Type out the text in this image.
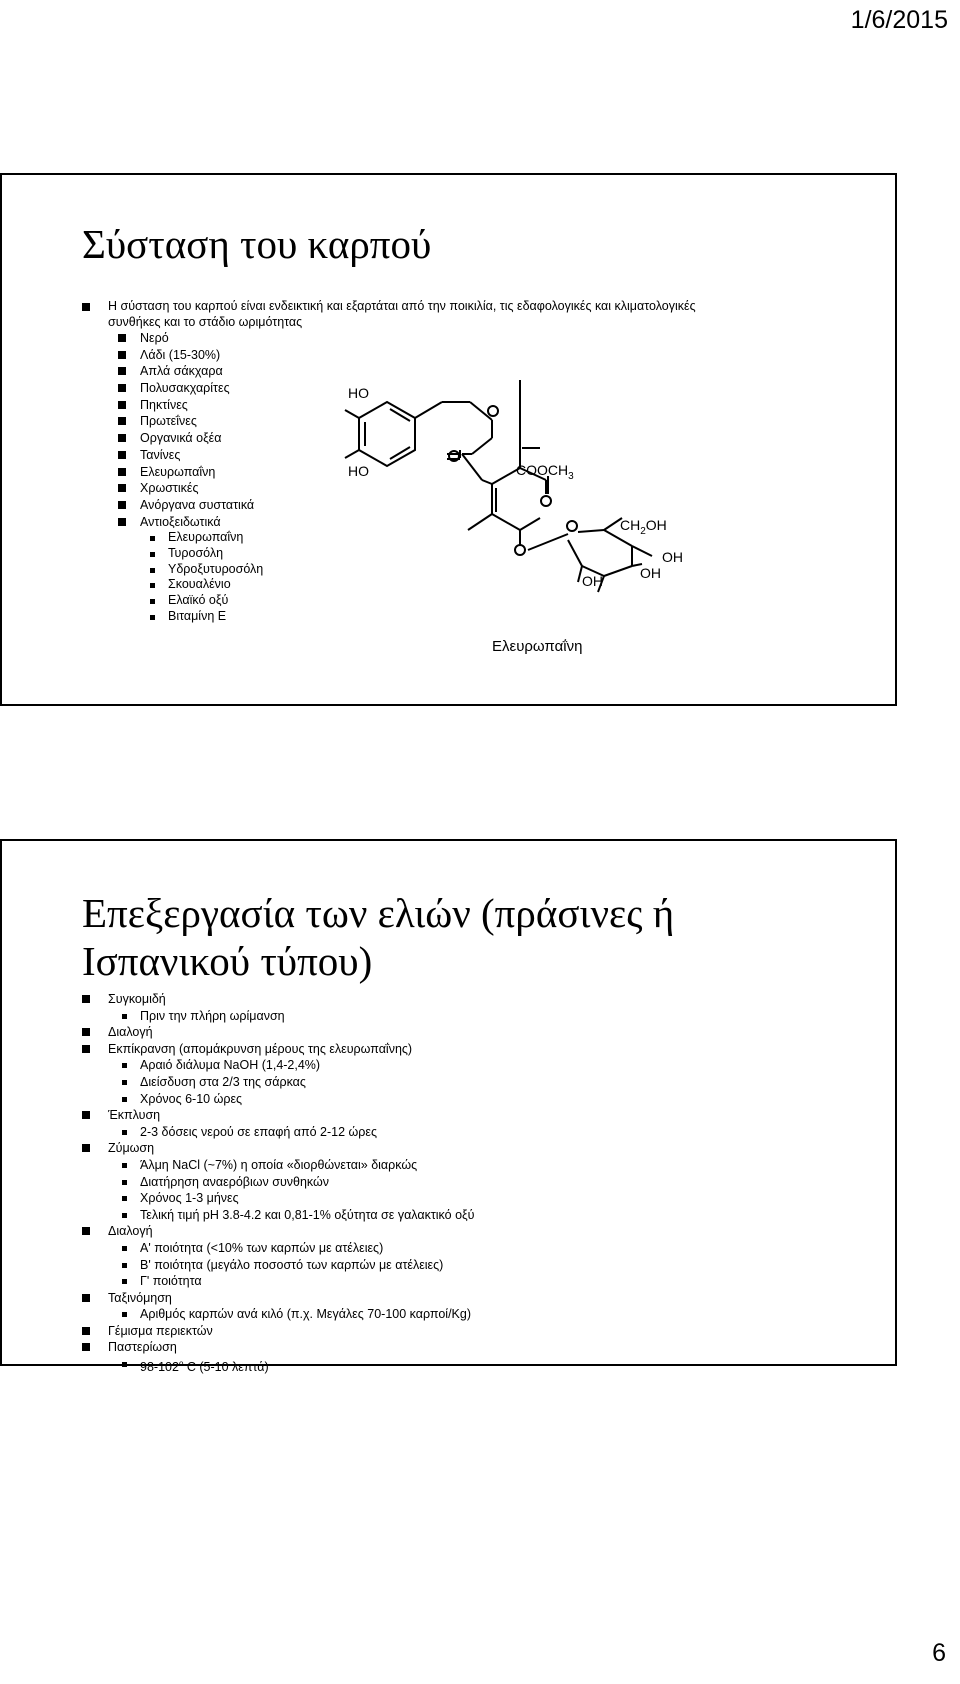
1/6/2015
Σύσταση του καρπού
Η σύσταση του καρπού είναι ενδεικτική και εξαρτάται από την ποικιλία, τις εδαφολογικές και κλιματολογικές συνθήκες και το στάδιο ωριμότητας
Νερό
Λάδι (15-30%)
Απλά σάκχαρα
Πολυσακχαρίτες
Πηκτίνες
Πρωτεΐνες
Οργανικά οξέα
Τανίνες
Ελευρωπαΐνη
Χρωστικές
Ανόργανα συστατικά
Αντιοξειδωτικά
Ελευρωπαΐνη
Τυροσόλη
Υδροξυτυροσόλη
Σκουαλένιο
Ελαϊκό οξύ
Βιταμίνη Ε
HO
HO	$COOCH_3$
$CH_2OH$
OH
OH
OH
Ελευρωπαΐνη
Επεξεργασία των ελιών (πράσινες ή
Ισπανικού τύπου)
Συγκομιδή
Πριν την πλήρη ωρίμανση
Διαλογή
Εκπίκρανση (απομάκρυνση μέρους της ελευρωπαΐνης)
Αραιό διάλυμα NaOH (1,4-2,4%)
Διείσδυση στα 2/3 της σάρκας
Χρόνος 6-10 ώρες
Έκπλυση
2-3 δόσεις νερού σε επαφή από 2-12 ώρες
Ζύμωση
Άλμη NaCl (~7%) η οποία «διορθώνεται» διαρκώς
Διατήρηση αναερόβιων συνθηκών
Χρόνος 1-3 μήνες
Τελική τιμή pH 3.8-4.2 και 0,81-1% οξύτητα σε γαλακτικό οξύ
Διαλογή
Α' ποιότητα (<10% των καρπών με ατέλειες)
Β' ποιότητα (μεγάλο ποσοστό των καρπών με ατέλειες)
Γ' ποιότητα
Ταξινόμηση
Αριθμός καρπών ανά κιλό (π.χ. Μεγάλες 70-100 καρποί/Kg)
Γέμισμα περιεκτών
Παστερίωση
98-102$^o$ C (5-10 λεπτά)
6
